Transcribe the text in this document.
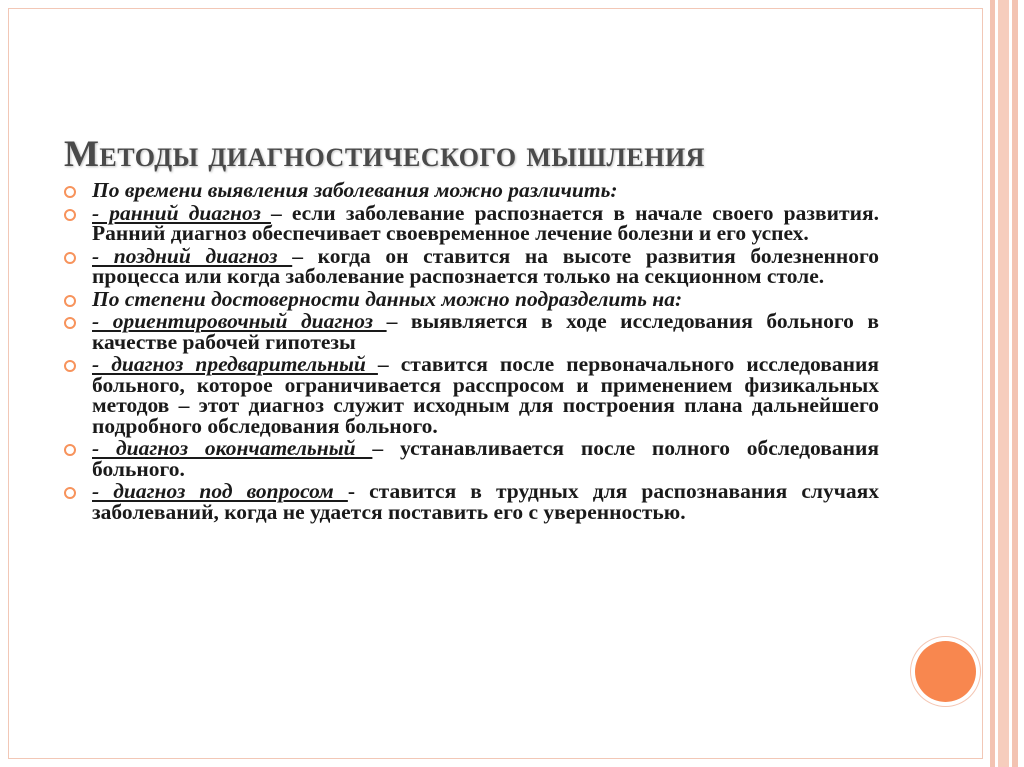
Методы диагностического мышления
По времени выявления заболевания можно различить:
- ранний диагноз – если заболевание распознается в начале своего развития. Ранний диагноз обеспечивает своевременное лечение болезни и его успех.
- поздний диагноз – когда он ставится на высоте развития болезненного процесса или когда заболевание распознается только на секционном столе.
По степени достоверности данных можно подразделить на:
- ориентировочный диагноз – выявляется в ходе исследования больного в качестве рабочей гипотезы
- диагноз предварительный – ставится после первоначального исследования больного, которое ограничивается расспросом и применением физикальных методов – этот диагноз служит исходным для построения плана дальнейшего подробного обследования больного.
- диагноз окончательный – устанавливается после полного обследования больного.
- диагноз под вопросом - ставится в трудных для распознавания случаях заболеваний, когда не удается поставить его с уверенностью.
